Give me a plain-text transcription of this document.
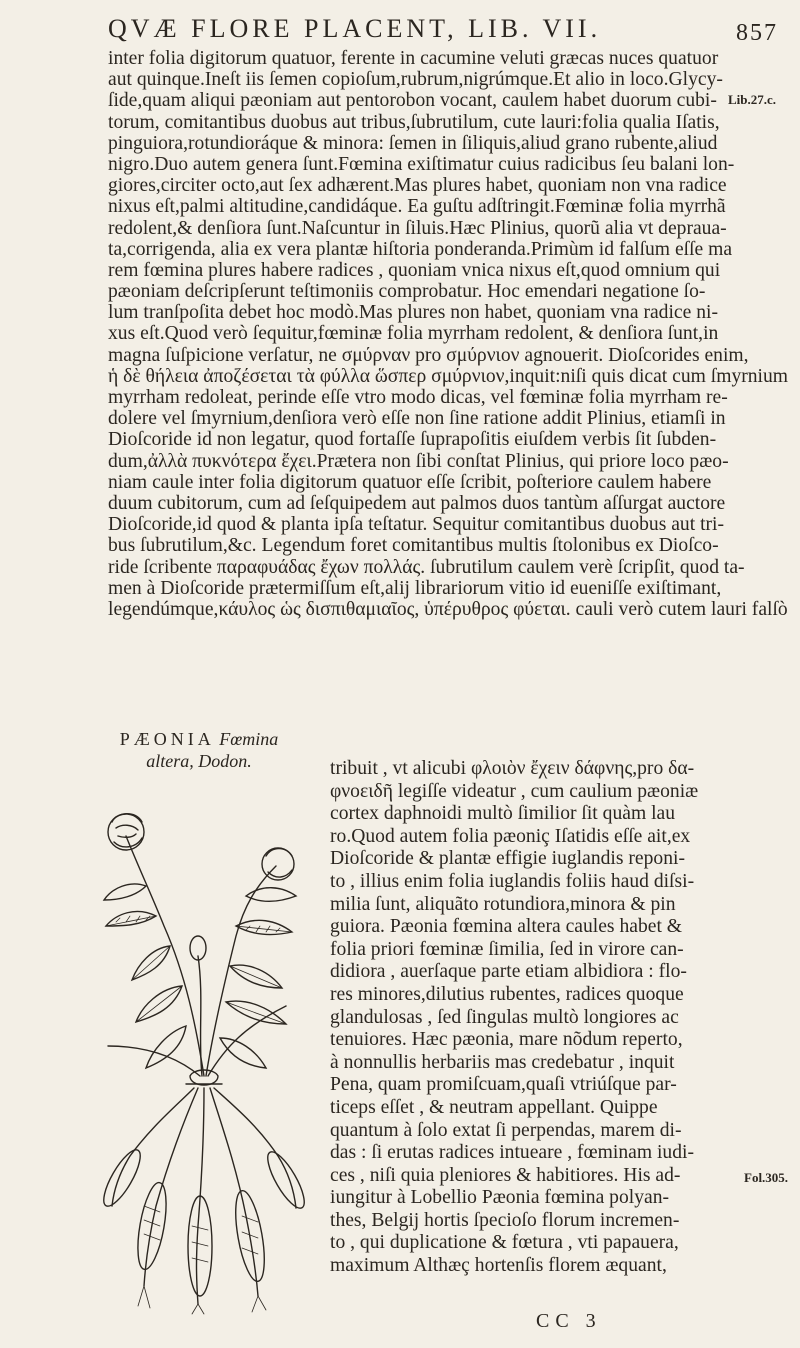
QVÆ FLORE PLACENT, LIB. VII.	857
Lib.27.c.
Fol.305.
inter folia digitorum quatuor, ferente in cacumine veluti græcas nuces quatuor
aut quinque.Ineſt iis ſemen copioſum,rubrum,nigrúmque.Et alio in loco.Glycy-
ſide,quam aliqui pæoniam aut pentorobon vocant, caulem habet duorum cubi-
torum, comitantibus duobus aut tribus,ſubrutilum, cute lauri:folia qualia Iſatis,
pinguiora,rotundioráque & minora: ſemen in ſiliquis,aliud grano rubente,aliud
nigro.Duo autem genera ſunt.Fœmina exiſtimatur cuius radicibus ſeu balani lon-
giores,circiter octo,aut ſex adhærent.Mas plures habet, quoniam non vna radice
nixus eſt,palmi altitudine,candidáque. Ea guſtu adſtringit.Fœminæ folia myrrhã
redolent,& denſiora ſunt.Naſcuntur in ſiluis.Hæc Plinius, quorũ alia vt deprauа-
ta,corrigenda, alia ex vera plantæ hiſtoria ponderanda.Primùm id falſum eſſe ma
rem fœmina plures habere radices , quoniam vnica nixus eſt,quod omnium qui
pæoniam deſcripſerunt teſtimoniis comprobatur. Hoc emendari negatione ſo-
lum tranſpoſita debet hoc modò.Mas plures non habet, quoniam vna radice ni-
xus eſt.Quod verò ſequitur,fœminæ folia myrrham redolent, & denſiora ſunt,in
magna ſuſpicione verſatur, ne σμύρναν pro σμύρνιον agnouerit. Dioſcorides enim,
ἡ δὲ θήλεια ἀποζέσεται τὰ φύλλα ὥσπερ σμύρνιον,inquit:niſi quis dicat cum ſmyrnium
myrrham redoleat, perinde eſſe vtro modo dicas, vel fœminæ folia myrrham re-
dolere vel ſmyrnium,denſiora verò eſſe non ſine ratione addit Plinius, etiamſi in
Dioſcoride id non legatur, quod fortaſſe ſuprapoſitis eiuſdem verbis ſit ſubden-
dum,ἀλλὰ πυκνότερα ἔχει.Prætera non ſibi conſtat Plinius, qui priore loco pæo-
niam caule inter folia digitorum quatuor eſſe ſcribit, poſteriore caulem habere
duum cubitorum, cum ad ſeſquipedem aut palmos duos tantùm aſſurgat auctore
Dioſcoride,id quod & planta ipſa teſtatur. Sequitur comitantibus duobus aut tri-
bus ſubrutilum,&c. Legendum foret comitantibus multis ſtolonibus ex Dioſco-
ride ſcribente παραφυάδας ἔχων πολλάς. ſubrutilum caulem verè ſcripſit, quod ta-
men à Dioſcoride prætermiſſum eſt,alij librariorum vitio id eueniſſe exiſtimant,
legendúmque,κάυλος ὡς δισπιθαμιαῖος, ὑπέρυθρος φύεται. cauli verò cutem lauri falſò
PÆONIA Fœmina
altera, Dodon.	tribuit , vt alicubi φλοιὸν ἔχειν δάφνης,pro δα-
φνοειδῆ legiſſe videatur , cum caulium pæoniæ
cortex daphnoidi multò ſimilior ſit quàm lau
ro.Quod autem folia pæoniç Iſatidis eſſe ait,ex
Dioſcoride & plantæ effigie iuglandis reponi-
to , illius enim folia iuglandis foliis haud diſsi-
milia ſunt, aliquãto rotundiora,minora & pin
guiora. Pæonia fœmina altera caules habet &
folia priori fœminæ ſimilia, ſed in virore can-
didiora , auerſaque parte etiam albidiora : flo-
res minores,dilutius rubentes, radices quoque
glandulosas , ſed ſingulas multò longiores ac
tenuiores. Hæc pæonia, mare nõdum reperto,
à nonnullis herbariis mas credebatur , inquit
Pena, quam promiſcuam,quaſi vtriúſque par-
ticeps eſſet , & neutram appellant. Quippe
quantum à ſolo extat ſi perpendas, marem di-
das : ſi erutas radices intueare , fœminam iudi-
ces , niſi quia pleniores & habitiores. His ad-
iungitur à Lobellio Pæonia fœmina polyan-
thes, Belgij hortis ſpecioſo florum incremen-
to , qui duplicatione & fœtura , vti papauera,
maximum Althæç hortenſis florem æquant,
CC 3
